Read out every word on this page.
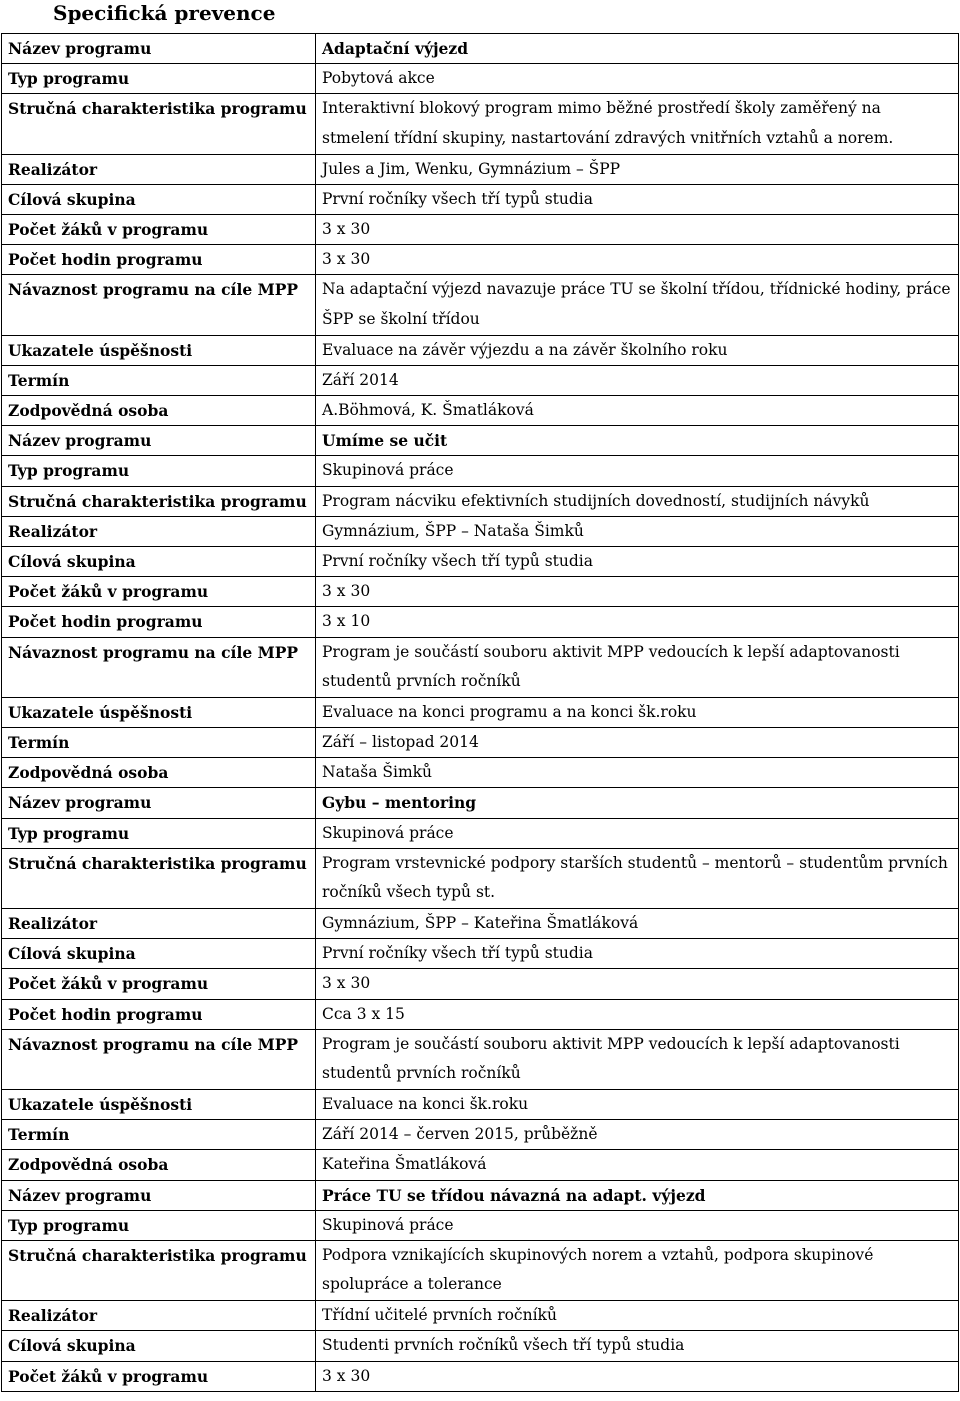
Specifická prevence
Název programu	Adaptační výjezd
Typ programu	Pobytová akce
Stručná charakteristika programu	Interaktivní blokový program mimo běžné prostředí školy zaměřený na stmelení třídní skupiny, nastartování zdravých vnitřních vztahů a norem.
Realizátor	Jules a Jim, Wenku, Gymnázium – ŠPP
Cílová skupina	První ročníky všech tří typů studia
Počet žáků v programu	3 x 30
Počet hodin programu	3 x 30
Návaznost programu na cíle MPP	Na adaptační výjezd navazuje práce TU se školní třídou, třídnické hodiny, práce ŠPP se školní třídou
Ukazatele úspěšnosti	Evaluace na závěr výjezdu a na závěr školního roku
Termín	Září 2014
Zodpovědná osoba	A.Böhmová, K. Šmatláková
Název programu	Umíme se učit
Typ programu	Skupinová práce
Stručná charakteristika programu	Program nácviku efektivních studijních dovedností, studijních návyků
Realizátor	Gymnázium, ŠPP – Nataša Šimků
Cílová skupina	První ročníky všech tří typů studia
Počet žáků v programu	3 x 30
Počet hodin programu	3 x 10
Návaznost programu na cíle MPP	Program je součástí souboru aktivit MPP vedoucích k lepší adaptovanosti studentů prvních ročníků
Ukazatele úspěšnosti	Evaluace na konci programu a na konci šk.roku
Termín	Září – listopad 2014
Zodpovědná osoba	Nataša Šimků
Název programu	Gybu – mentoring
Typ programu	Skupinová práce
Stručná charakteristika programu	Program vrstevnické podpory starších studentů – mentorů – studentům prvních ročníků všech typů st.
Realizátor	Gymnázium, ŠPP – Kateřina Šmatláková
Cílová skupina	První ročníky všech tří typů studia
Počet žáků v programu	3 x 30
Počet hodin programu	Cca 3 x 15
Návaznost programu na cíle MPP	Program je součástí souboru aktivit MPP vedoucích k lepší adaptovanosti studentů prvních ročníků
Ukazatele úspěšnosti	Evaluace na konci šk.roku
Termín	Září 2014 – červen 2015, průběžně
Zodpovědná osoba	Kateřina Šmatláková
Název programu	Práce TU se třídou návazná na adapt. výjezd
Typ programu	Skupinová práce
Stručná charakteristika programu	Podpora vznikajících skupinových norem a vztahů, podpora skupinové spolupráce a tolerance
Realizátor	Třídní učitelé prvních ročníků
Cílová skupina	Studenti prvních ročníků všech tří typů studia
Počet žáků v programu	3 x 30
